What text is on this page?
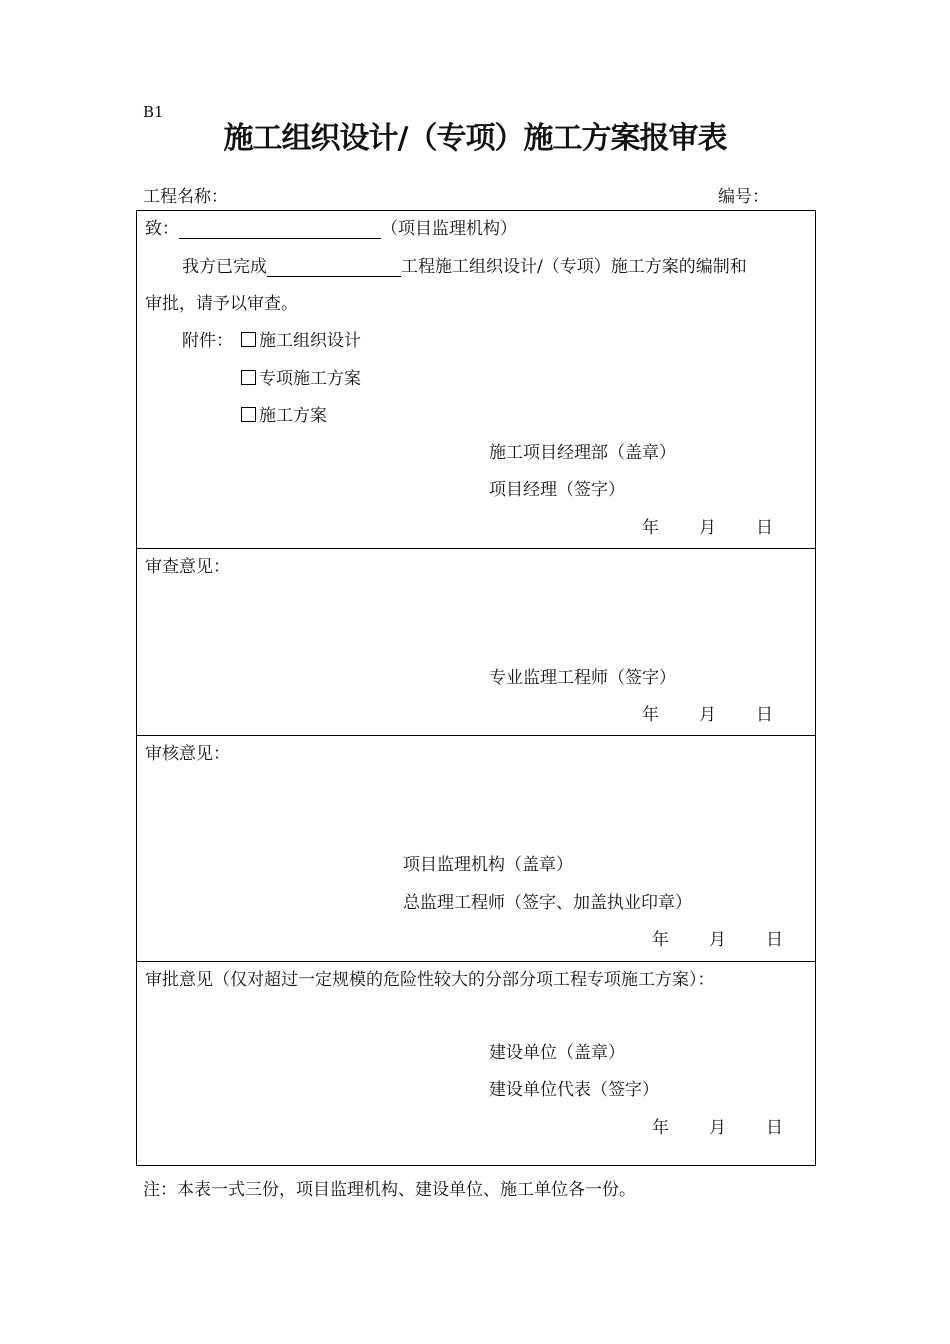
B1
施工组织设计/（专项）施工方案报审表
工程名称：	编号：
致：	（项目监理机构）
我方已完成	工程施工组织设计/（专项）施工方案的编制和
审批，请予以审查。
附件：	施工组织设计
专项施工方案
施工方案
施工项目经理部（盖章）
项目经理（签字）
年 月 日
审查意见：
专业监理工程师（签字）
年 月 日
审核意见：
项目监理机构（盖章）
总监理工程师（签字、加盖执业印章）
年 月 日
审批意见（仅对超过一定规模的危险性较大的分部分项工程专项施工方案）：
建设单位（盖章）
建设单位代表（签字）
年 月 日
注：本表一式三份，项目监理机构、建设单位、施工单位各一份。
